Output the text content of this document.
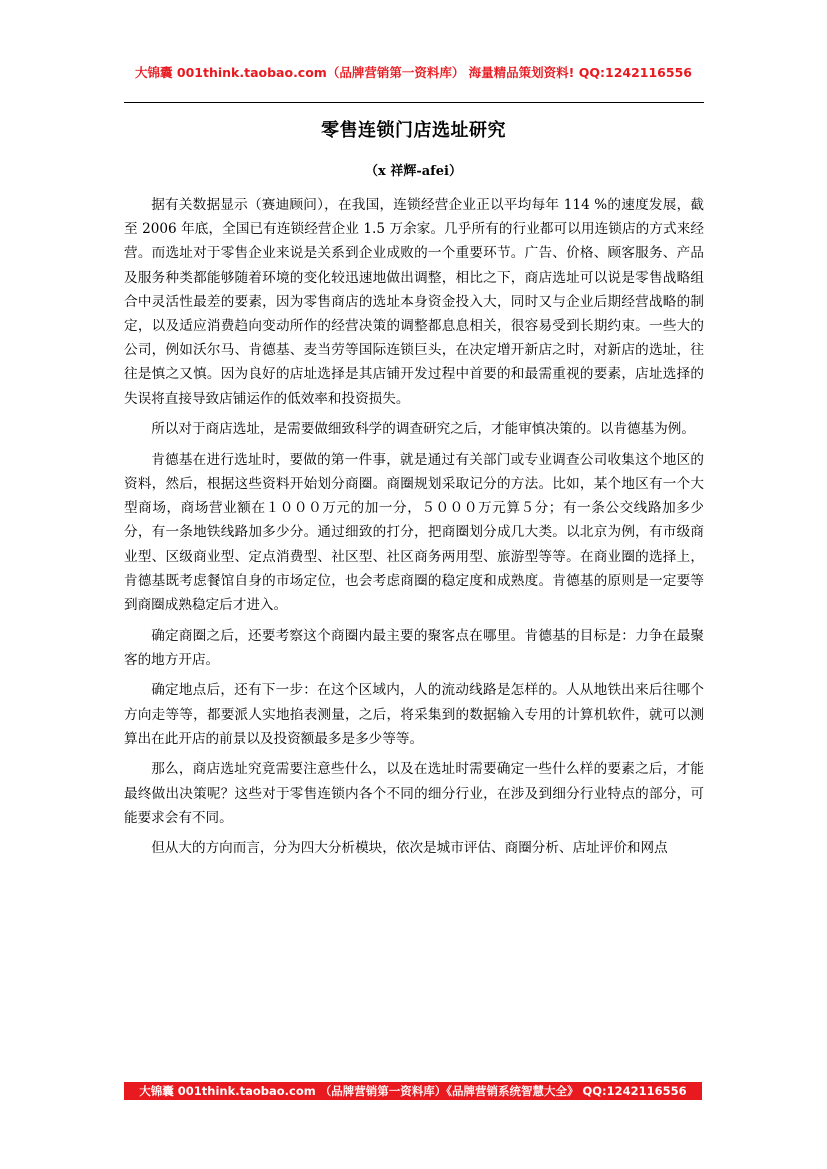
大锦囊 001think.taobao.com（品牌营销第一资料库） 海量精品策划资料! QQ:1242116556
零售连锁门店选址研究
（x 祥辉-afei）

据有关数据显示（赛迪顾问），在我国，连锁经营企业正以平均每年 114 %的速度发展，截至 2006 年底，全国已有连锁经营企业 1.5 万余家。几乎所有的行业都可以用连锁店的方式来经营。而选址对于零售企业来说是关系到企业成败的一个重要环节。广告、价格、顾客服务、产品及服务种类都能够随着环境的变化较迅速地做出调整，相比之下，商店选址可以说是零售战略组合中灵活性最差的要素，因为零售商店的选址本身资金投入大，同时又与企业后期经营战略的制定，以及适应消费趋向变动所作的经营决策的调整都息息相关，很容易受到长期约束。一些大的公司，例如沃尔马、肯德基、麦当劳等国际连锁巨头，在决定增开新店之时，对新店的选址，往往是慎之又慎。因为良好的店址选择是其店铺开发过程中首要的和最需重视的要素，店址选择的失误将直接导致店铺运作的低效率和投资损失。

所以对于商店选址，是需要做细致科学的调查研究之后，才能审慎决策的。以肯德基为例。

肯德基在进行选址时，要做的第一件事，就是通过有关部门或专业调查公司收集这个地区的资料，然后，根据这些资料开始划分商圈。商圈规划采取记分的方法。比如，某个地区有一个大型商场，商场营业额在１０００万元的加一分，５０００万元算５分；有一条公交线路加多少分，有一条地铁线路加多少分。通过细致的打分，把商圈划分成几大类。以北京为例，有市级商业型、区级商业型、定点消费型、社区型、社区商务两用型、旅游型等等。在商业圈的选择上，肯德基既考虑餐馆自身的市场定位，也会考虑商圈的稳定度和成熟度。肯德基的原则是一定要等到商圈成熟稳定后才进入。

确定商圈之后，还要考察这个商圈内最主要的聚客点在哪里。肯德基的目标是：力争在最聚客的地方开店。

确定地点后，还有下一步：在这个区域内，人的流动线路是怎样的。人从地铁出来后往哪个方向走等等，都要派人实地掐表测量，之后，将采集到的数据输入专用的计算机软件，就可以测算出在此开店的前景以及投资额最多是多少等等。

那么，商店选址究竟需要注意些什么，以及在选址时需要确定一些什么样的要素之后，才能最终做出决策呢？这些对于零售连锁内各个不同的细分行业，在涉及到细分行业特点的部分，可能要求会有不同。

但从大的方向而言，分为四大分析模块，依次是城市评估、商圈分析、店址评价和网点

大锦囊 001think.taobao.com （品牌营销第一资料库）《品牌营销系统智慧大全》 QQ:1242116556
